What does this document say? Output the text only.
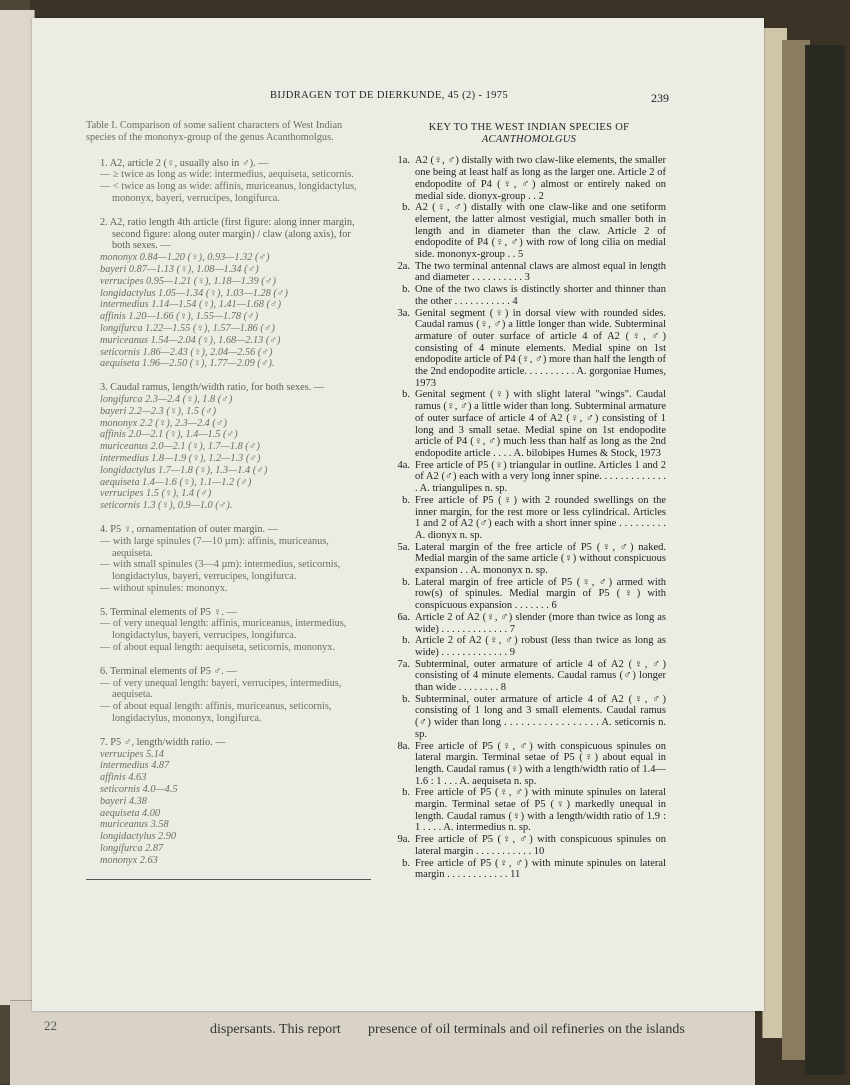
22	dispersants. This report presence of oil terminals and oil refineries on the islands
BIJDRAGEN TOT DE DIERKUNDE, 45 (2) - 1975	239
Table I. Comparison of some salient characters of West Indian species of the mononyx-group of the genus Acanthomolgus.
1. A2, article 2 (♀, usually also in ♂). —
— ≥ twice as long as wide: intermedius, aequiseta, seticornis.
— < twice as long as wide: affinis, muriceanus, longidactylus, mononyx, bayeri, verrucipes, longifurca.
2. A2, ratio length 4th article (first figure: along inner margin, second figure: along outer margin) / claw (along axis), for both sexes. —
mononyx 0.84—1.20 (♀), 0.93—1.32 (♂)
bayeri 0.87—1.13 (♀), 1.08—1.34 (♂)
verrucipes 0.95—1.21 (♀), 1.18—1.39 (♂)
longidactylus 1.05—1.34 (♀), 1.03—1.28 (♂)
intermedius 1.14—1.54 (♀), 1.41—1.68 (♂)
affinis 1.20—1.66 (♀), 1.55—1.78 (♂)
longifurca 1.22—1.55 (♀), 1.57—1.86 (♂)
muriceanus 1.54—2.04 (♀), 1.68—2.13 (♂)
seticornis 1.86—2.43 (♀), 2.04—2.56 (♂)
aequiseta 1.96—2.50 (♀), 1.77—2.09 (♂).
3. Caudal ramus, length/width ratio, for both sexes. —
longifurca 2.3—2.4 (♀), 1.8 (♂)
bayeri 2.2—2.3 (♀), 1.5 (♂)
mononyx 2.2 (♀), 2.3—2.4 (♂)
affinis 2.0—2.1 (♀), 1.4—1.5 (♂)
muriceanus 2.0—2.1 (♀), 1.7—1.8 (♂)
intermedius 1.8—1.9 (♀), 1.2—1.3 (♂)
longidactylus 1.7—1.8 (♀), 1.3—1.4 (♂)
aequiseta 1.4—1.6 (♀), 1.1—1.2 (♂)
verrucipes 1.5 (♀), 1.4 (♂)
seticornis 1.3 (♀), 0.9—1.0 (♂).
4. P5 ♀, ornamentation of outer margin. —
— with large spinules (7—10 µm): affinis, muriceanus, aequiseta.
— with small spinules (3—4 µm): intermedius, seticornis, longidactylus, bayeri, verrucipes, longifurca.
— without spinules: mononyx.
5. Terminal elements of P5 ♀. —
— of very unequal length: affinis, muriceanus, intermedius, longidactylus, bayeri, verrucipes, longifurca.
— of about equal length: aequiseta, seticornis, mononyx.
6. Terminal elements of P5 ♂. —
— of very unequal length: bayeri, verrucipes, intermedius, aequiseta.
— of about equal length: affinis, muriceanus, seticornis, longidactylus, mononyx, longifurca.
7. P5 ♂, length/width ratio. —
verrucipes 5.14
intermedius 4.87
affinis 4.63
seticornis 4.0—4.5
bayeri 4.38
aequiseta 4.00
muriceanus 3.58
longidactylus 2.90
longifurca 2.87
mononyx 2.63
KEY TO THE WEST INDIAN SPECIES OF
ACANTHOMOLGUS
1a. A2 (♀, ♂) distally with two claw-like elements, the smaller one being at least half as long as the larger one. Article 2 of endopodite of P4 (♀, ♂) almost or entirely naked on medial side. dionyx-group . . 2
b. A2 (♀, ♂) distally with one claw-like and one setiform element, the latter almost vestigial, much smaller both in length and in diameter than the claw. Article 2 of endopodite of P4 (♀, ♂) with row of long cilia on medial side. mononyx-group . . 5
2a. The two terminal antennal claws are almost equal in length and diameter . . . . . . . . . . 3
b. One of the two claws is distinctly shorter and thinner than the other . . . . . . . . . . . 4
3a. Genital segment (♀) in dorsal view with rounded sides. Caudal ramus (♀, ♂) a little longer than wide. Subterminal armature of outer surface of article 4 of A2 (♀, ♂) consisting of 4 minute elements. Medial spine on 1st endopodite article of P4 (♀, ♂) more than half the length of the 2nd endopodite article. . . . . . . . . . A. gorgoniae Humes, 1973
b. Genital segment (♀) with slight lateral "wings". Caudal ramus (♀, ♂) a little wider than long. Subterminal armature of outer surface of article 4 of A2 (♀, ♂) consisting of 1 long and 3 small setae. Medial spine on 1st endopodite article of P4 (♀, ♂) much less than half as long as the 2nd endopodite article . . . . A. bilobipes Humes & Stock, 1973
4a. Free article of P5 (♀) triangular in outline. Articles 1 and 2 of A2 (♂) each with a very long inner spine. . . . . . . . . . . . . . A. triangulipes n. sp.
b. Free article of P5 (♀) with 2 rounded swellings on the inner margin, for the rest more or less cylindrical. Articles 1 and 2 of A2 (♂) each with a short inner spine . . . . . . . . . A. dionyx n. sp.
5a. Lateral margin of the free article of P5 (♀, ♂) naked. Medial margin of the same article (♀) without conspicuous expansion . . A. mononyx n. sp.
b. Lateral margin of free article of P5 (♀, ♂) armed with row(s) of spinules. Medial margin of P5 (♀) with conspicuous expansion . . . . . . . 6
6a. Article 2 of A2 (♀, ♂) slender (more than twice as long as wide) . . . . . . . . . . . . . 7
b. Article 2 of A2 (♀, ♂) robust (less than twice as long as wide) . . . . . . . . . . . . . 9
7a. Subterminal, outer armature of article 4 of A2 (♀, ♂) consisting of 4 minute elements. Caudal ramus (♂) longer than wide . . . . . . . . 8
b. Subterminal, outer armature of article 4 of A2 (♀, ♂) consisting of 1 long and 3 small elements. Caudal ramus (♂) wider than long . . . . . . . . . . . . . . . . . A. seticornis n. sp.
8a. Free article of P5 (♀, ♂) with conspicuous spinules on lateral margin. Terminal setae of P5 (♀) about equal in length. Caudal ramus (♀) with a length/width ratio of 1.4—1.6 : 1 . . . A. aequiseta n. sp.
b. Free article of P5 (♀, ♂) with minute spinules on lateral margin. Terminal setae of P5 (♀) markedly unequal in length. Caudal ramus (♀) with a length/width ratio of 1.9 : 1 . . . . A. intermedius n. sp.
9a. Free article of P5 (♀, ♂) with conspicuous spinules on lateral margin . . . . . . . . . . . 10
b. Free article of P5 (♀, ♂) with minute spinules on lateral margin . . . . . . . . . . . . 11
